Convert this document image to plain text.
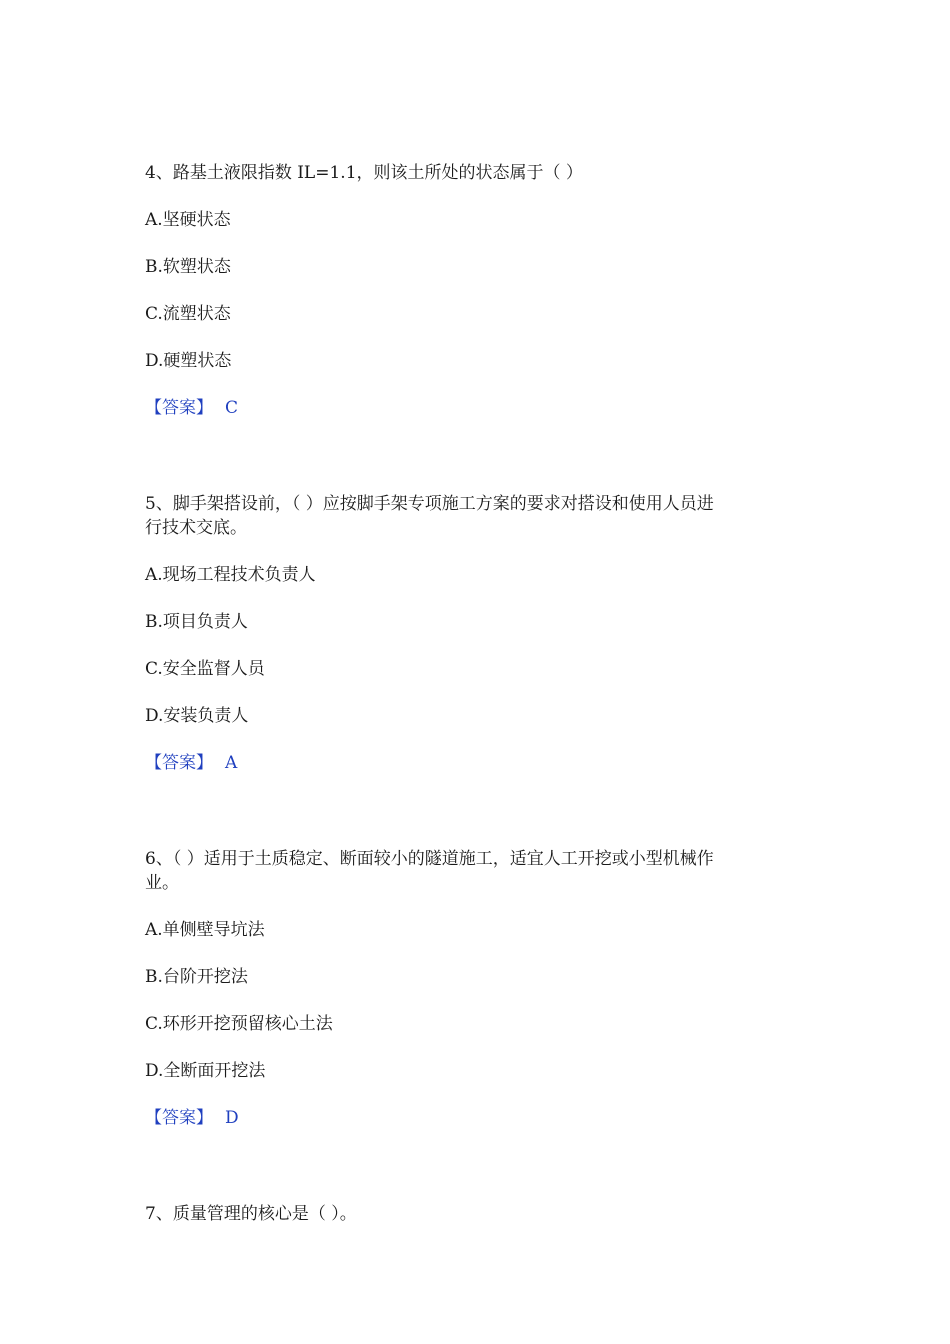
4、路基土液限指数 IL=1.1，则该土所处的状态属于（ ）
A.坚硬状态
B.软塑状态
C.流塑状态
D.硬塑状态
【答案】 C
5、脚手架搭设前，（ ）应按脚手架专项施工方案的要求对搭设和使用人员进
行技术交底。
A.现场工程技术负责人
B.项目负责人
C.安全监督人员
D.安装负责人
【答案】 A
6、（ ）适用于土质稳定、断面较小的隧道施工，适宜人工开挖或小型机械作
业。
A.单侧壁导坑法
B.台阶开挖法
C.环形开挖预留核心土法
D.全断面开挖法
【答案】 D
7、质量管理的核心是（ ）。
